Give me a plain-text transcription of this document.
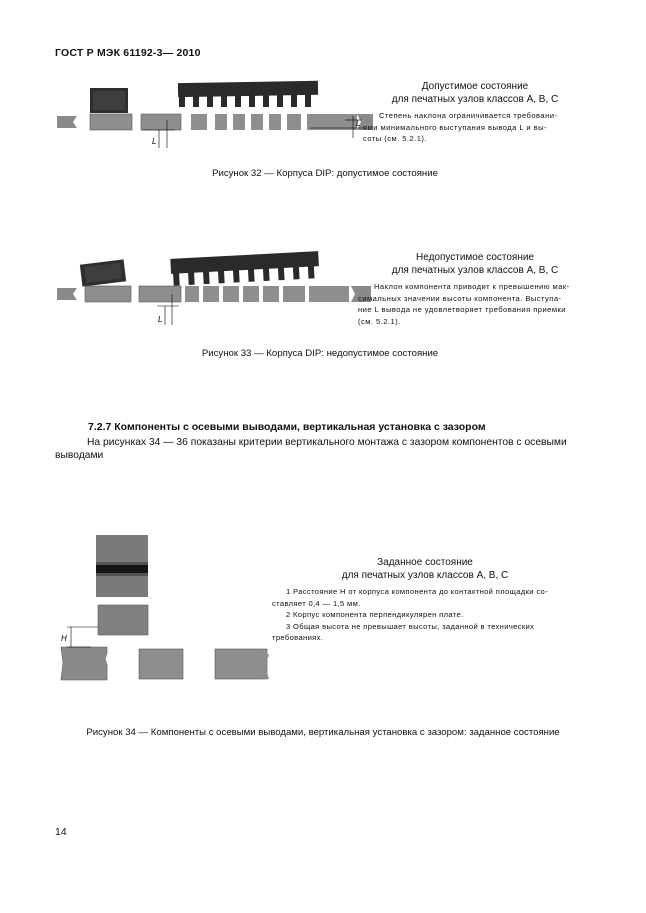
ГОСТ Р МЭК 61192-3— 2010
L
L
Допустимое состояние
для печатных узлов классов А, В, С

Степень наклона ограничивается требовани-

ями минимального выступания вывода L и вы-

соты (см. 5.2.1).

Рисунок 32 — Корпуса DIP: допустимое состояние
L
Недопустимое состояние
для печатных узлов классов А, В, С

Наклон компонента приводит к превышению мак-

симальных значении высоты компонента. Выступа-

ние L вывода не удовлетворяет требования приемки

(см. 5.2.1).

Рисунок 33 — Корпуса DIP: недопустимое состояние
7.2.7 Компоненты с осевыми выводами, вертикальная установка с зазором
На рисунках 34 — 36 показаны критерии вертикального монтажа с зазором компонентов с осевыми выводами
H
Заданное состояние
для печатных узлов классов А, В, С

1 Расстояние H от корпуса компонента до контактной площадки со-

ставляет 0,4 — 1,5 мм.

2 Корпус компонента перпендикулярен плате.

3 Общая высота не превышает высоты, заданной в технических

требованиях.

Рисунок 34 — Компоненты с осевыми выводами, вертикальная установка с зазором: заданное состояние
14
